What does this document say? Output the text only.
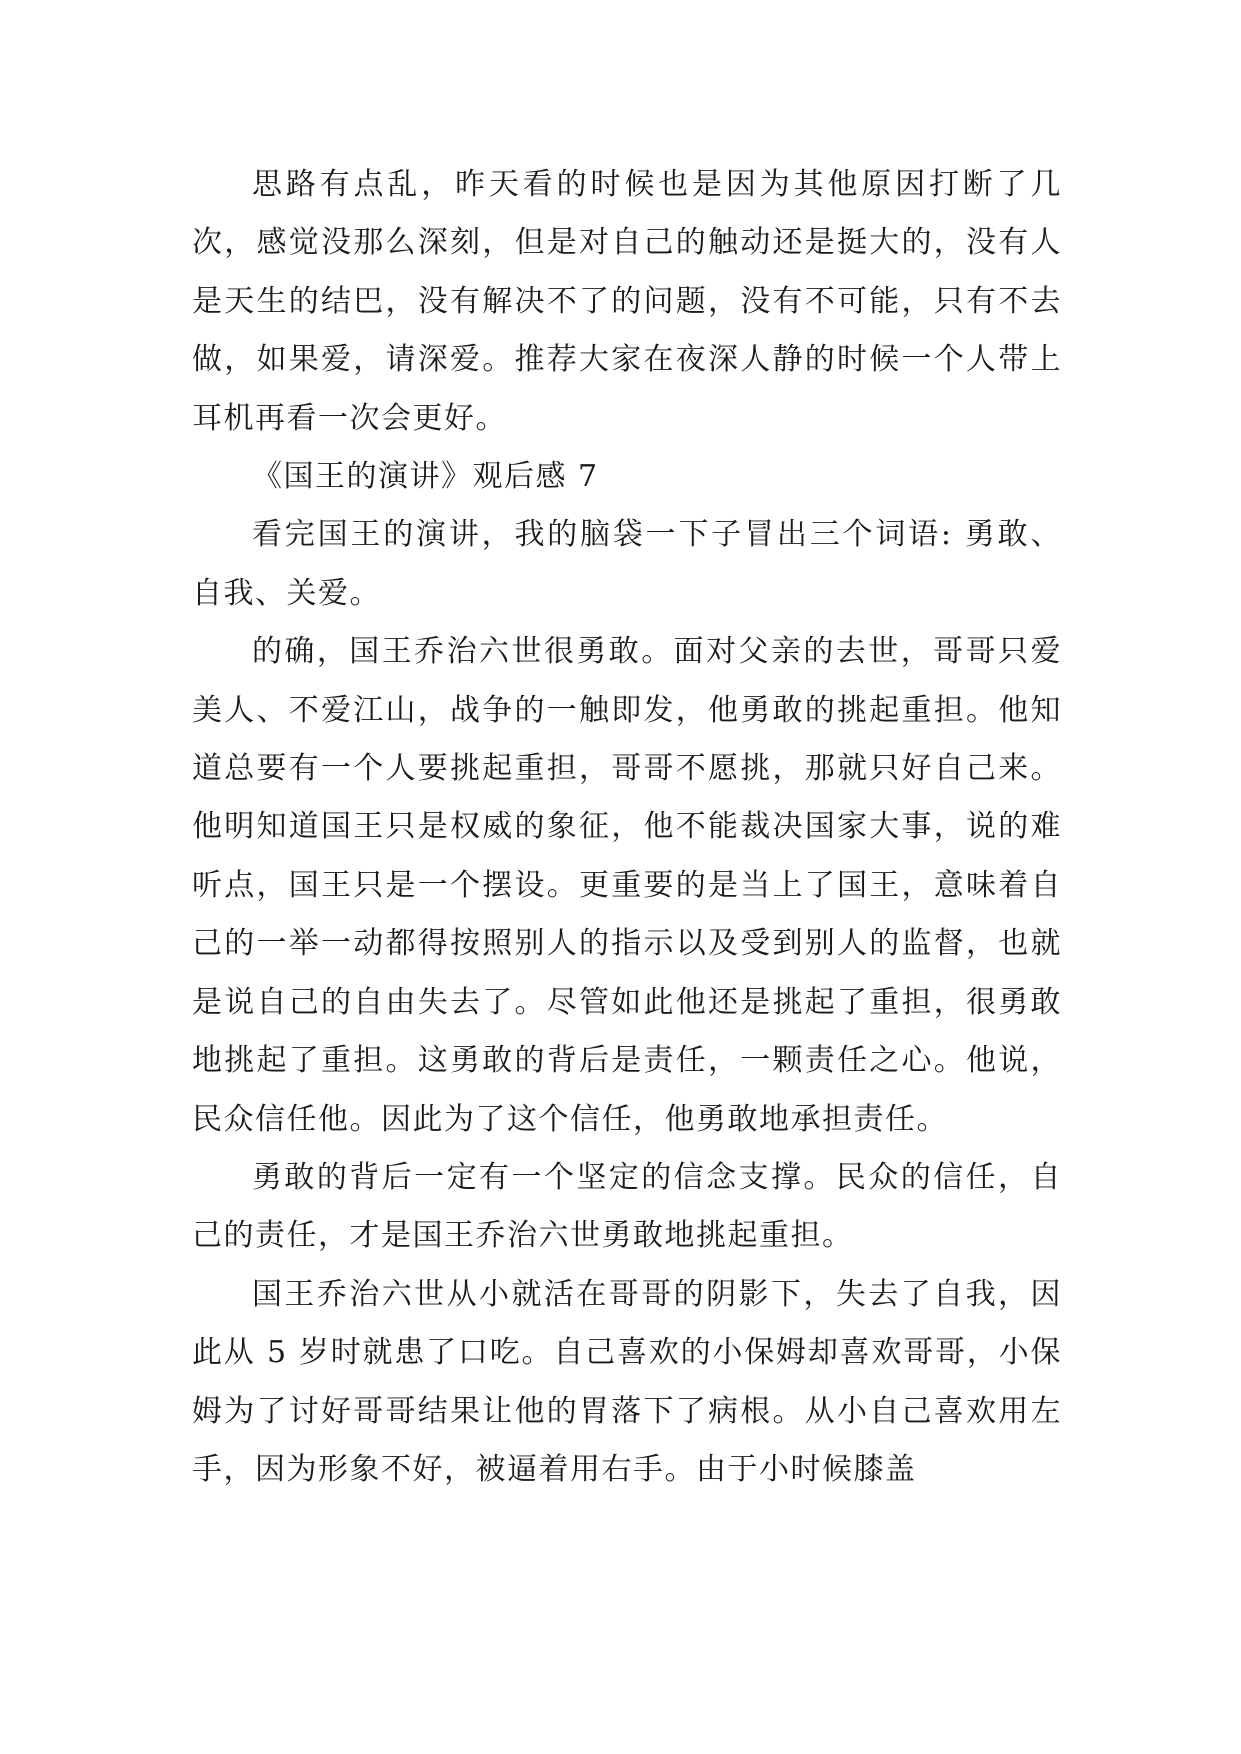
思路有点乱，昨天看的时候也是因为其他原因打断了几次，感觉没那么深刻，但是对自己的触动还是挺大的，没有人是天生的结巴，没有解决不了的问题，没有不可能，只有不去做，如果爱，请深爱。推荐大家在夜深人静的时候一个人带上耳机再看一次会更好。

《国王的演讲》观后感 7

看完国王的演讲，我的脑袋一下子冒出三个词语: 勇敢、自我、关爱。

的确，国王乔治六世很勇敢。面对父亲的去世，哥哥只爱美人、不爱江山，战争的一触即发，他勇敢的挑起重担。他知道总要有一个人要挑起重担，哥哥不愿挑，那就只好自己来。他明知道国王只是权威的象征，他不能裁决国家大事，说的难听点，国王只是一个摆设。更重要的是当上了国王，意味着自己的一举一动都得按照别人的指示以及受到别人的监督，也就是说自己的自由失去了。尽管如此他还是挑起了重担，很勇敢地挑起了重担。这勇敢的背后是责任，一颗责任之心。他说，民众信任他。因此为了这个信任，他勇敢地承担责任。

勇敢的背后一定有一个坚定的信念支撑。民众的信任，自己的责任，才是国王乔治六世勇敢地挑起重担。

国王乔治六世从小就活在哥哥的阴影下，失去了自我，因此从 5 岁时就患了口吃。自己喜欢的小保姆却喜欢哥哥，小保姆为了讨好哥哥结果让他的胃落下了病根。从小自己喜欢用左手，因为形象不好，被逼着用右手。由于小时候膝盖
